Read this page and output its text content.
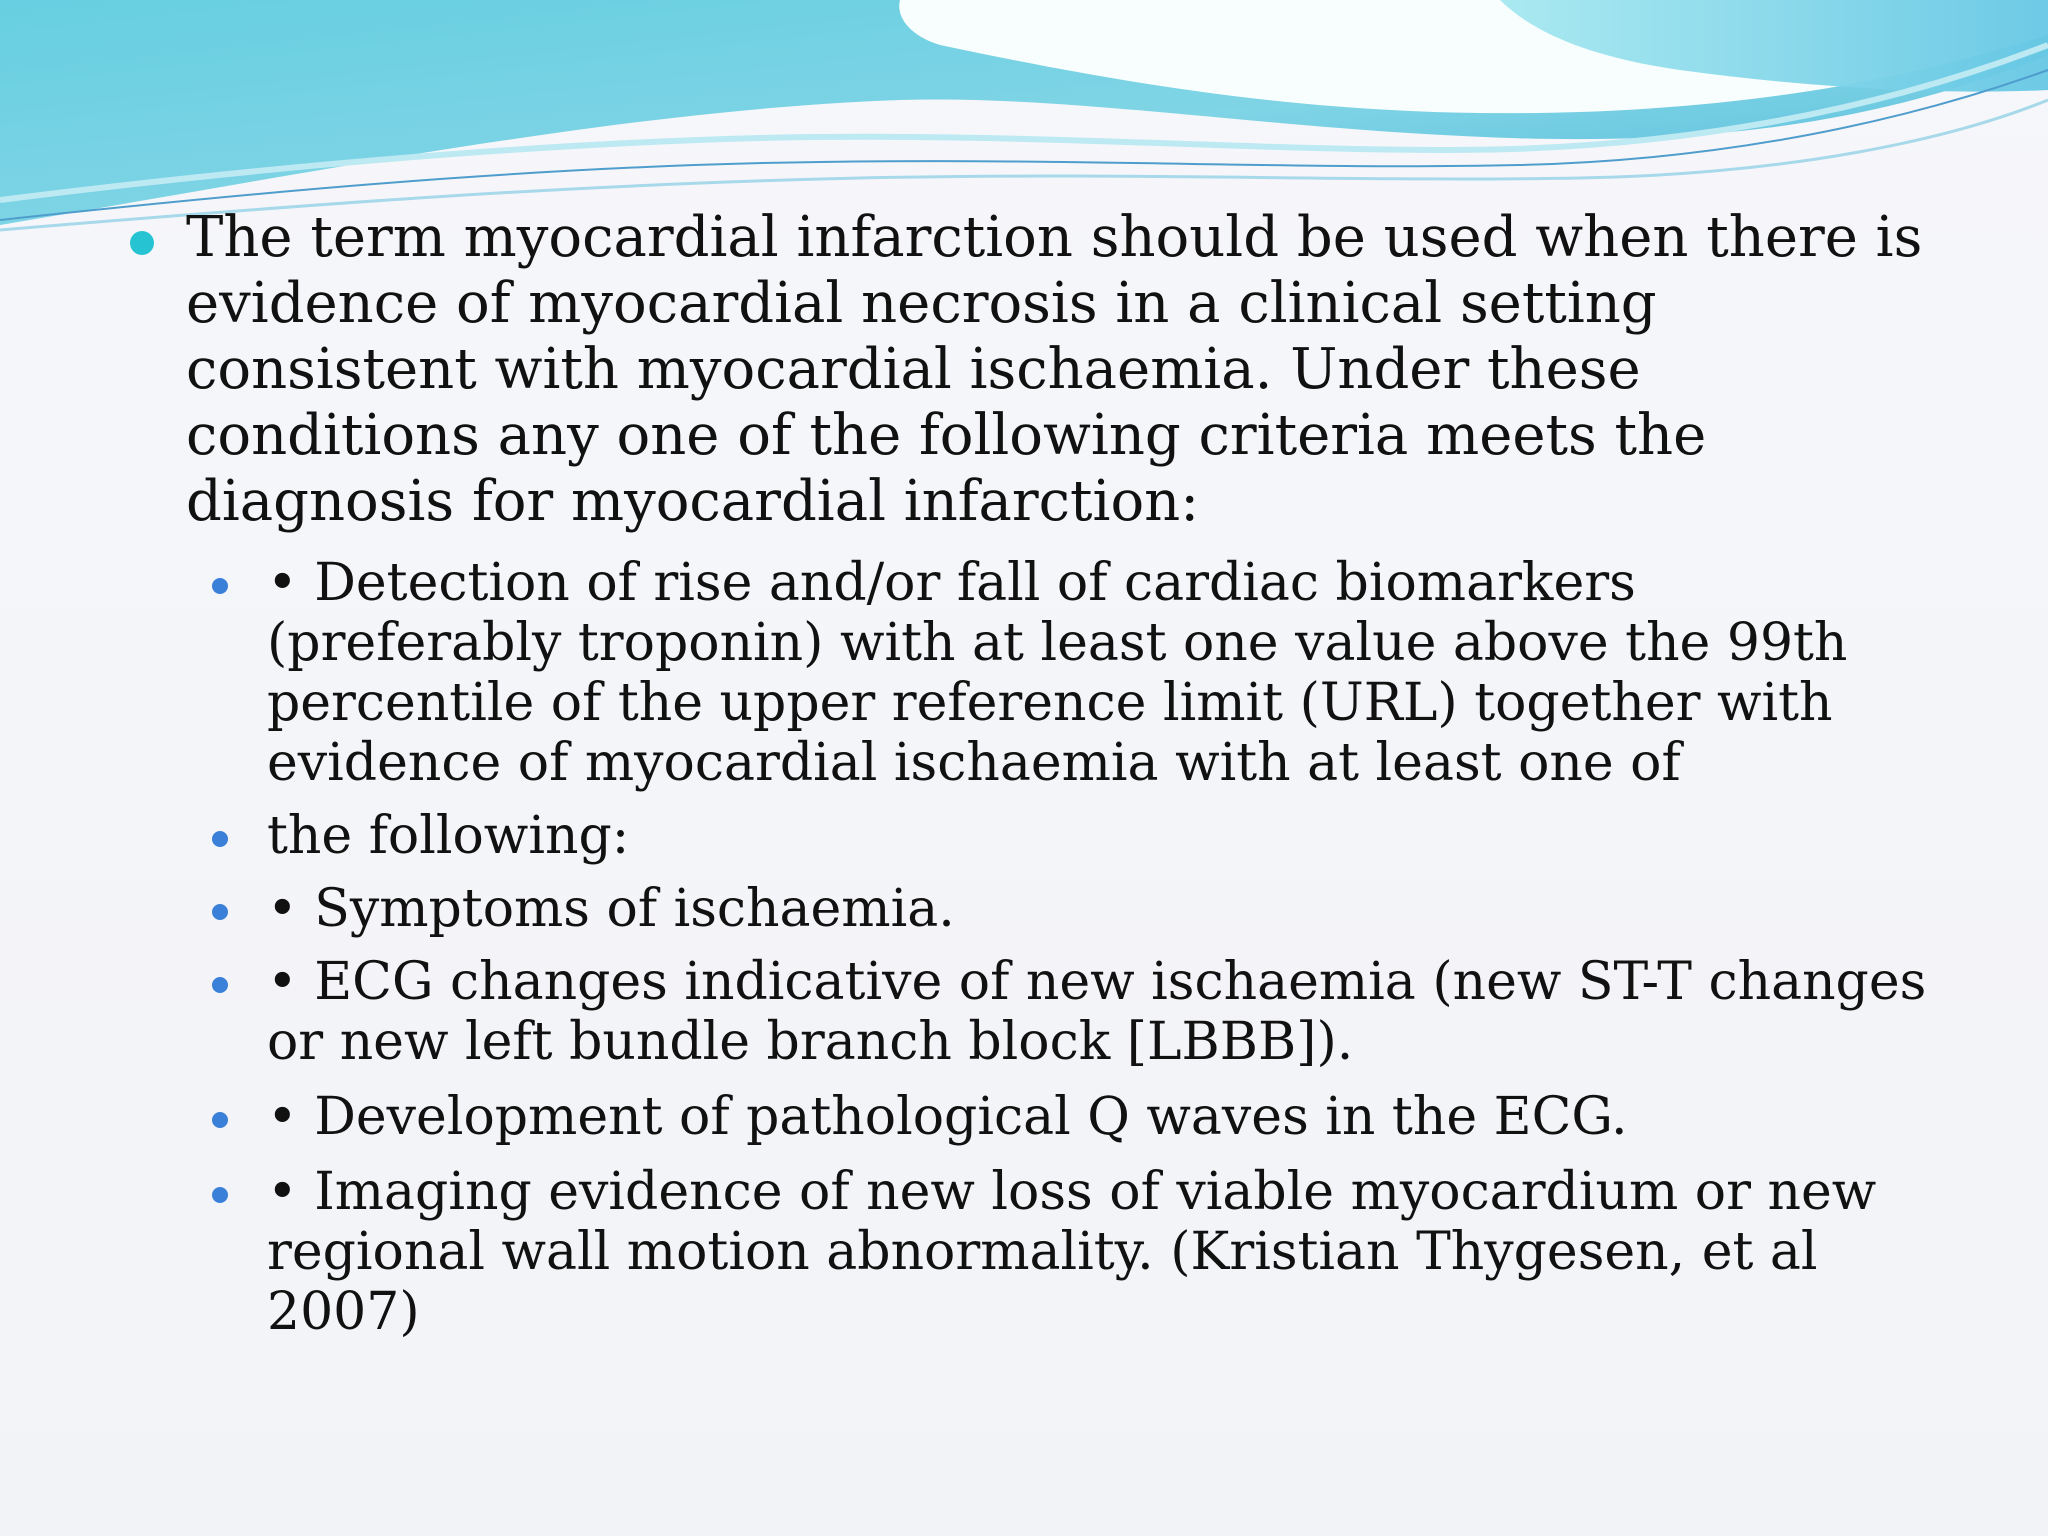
The term myocardial infarction should be used when there is evidence of myocardial necrosis in a clinical setting consistent with myocardial ischaemia. Under these conditions any one of the following criteria meets the diagnosis for myocardial infarction:
• Detection of rise and/or fall of cardiac biomarkers (preferably troponin) with at least one value above the 99th percentile of the upper reference limit (URL) together with evidence of myocardial ischaemia with at least one of
the following:
• Symptoms of ischaemia.
• ECG changes indicative of new ischaemia (new ST-T changes or new left bundle branch block [LBBB]).
• Development of pathological Q waves in the ECG.
• Imaging evidence of new loss of viable myocardium or new regional wall motion abnormality. (Kristian Thygesen, et al 2007)
